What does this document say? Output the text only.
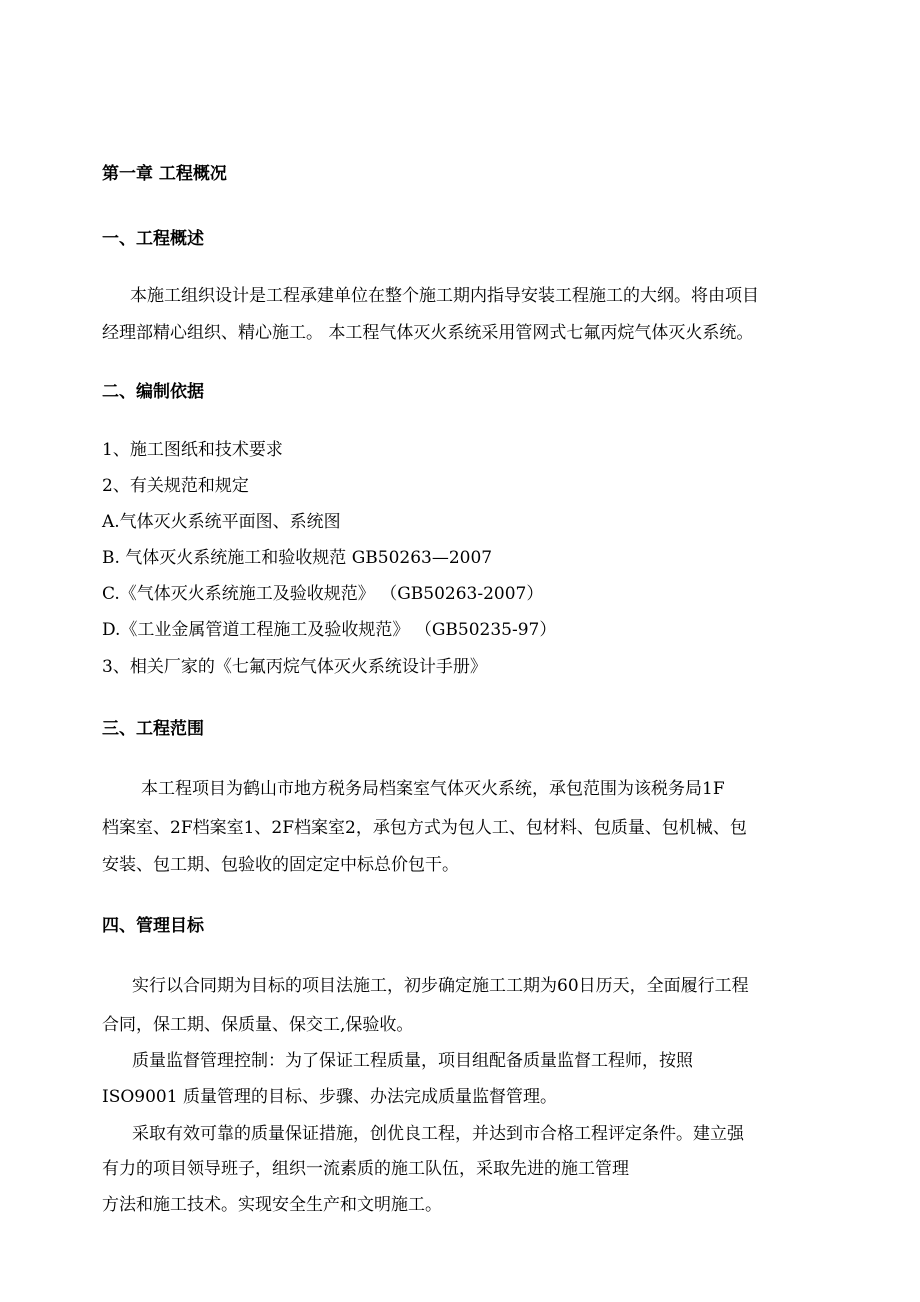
第一章 工程概况
一、工程概述
本施工组织设计是工程承建单位在整个施工期内指导安装工程施工的大纲。将由项目
经理部精心组织、精心施工。 本工程气体灭火系统采用管网式七氟丙烷气体灭火系统。
二、编制依据
1、施工图纸和技术要求
2、有关规范和规定
A.气体灭火系统平面图、系统图
B. 气体灭火系统施工和验收规范 GB50263—2007
C.《气体灭火系统施工及验收规范》 （GB50263-2007）
D.《工业金属管道工程施工及验收规范》 （GB50235-97）
3、相关厂家的《七氟丙烷气体灭火系统设计手册》
三、工程范围
本工程项目为鹤山市地方税务局档案室气体灭火系统，承包范围为该税务局1F
档案室、2F档案室1、2F档案室2，承包方式为包人工、包材料、包质量、包机械、包
安装、包工期、包验收的固定定中标总价包干。
四、管理目标
实行以合同期为目标的项目法施工，初步确定施工工期为60日历天，全面履行工程
合同，保工期、保质量、保交工,保验收。
质量监督管理控制：为了保证工程质量，项目组配备质量监督工程师，按照
ISO9001 质量管理的目标、步骤、办法完成质量监督管理。
采取有效可靠的质量保证措施，创优良工程，并达到市合格工程评定条件。建立强
有力的项目领导班子，组织一流素质的施工队伍，采取先进的施工管理
方法和施工技术。实现安全生产和文明施工。
